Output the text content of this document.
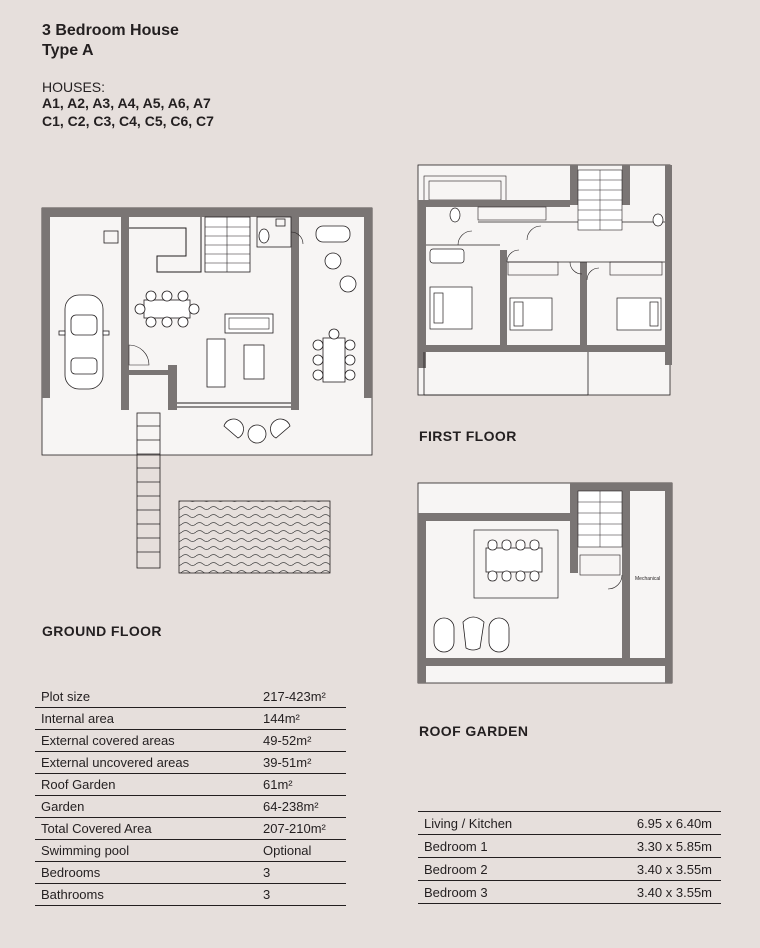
3 Bedroom House
Type A
HOUSES:
A1, A2, A3, A4, A5, A6, A7
C1, C2, C3, C4, C5, C6, C7
Mechanical
GROUND FLOOR
FIRST FLOOR
ROOF GARDEN
Plot size	217-423m²
Internal area	144m²
External covered areas	49-52m²
External uncovered areas	39-51m²
Roof Garden	61m²
Garden	64-238m²
Total Covered Area	207-210m²
Swimming pool	Optional
Bedrooms	3
Bathrooms	3
Living / Kitchen	6.95 x 6.40m
Bedroom 1	3.30 x 5.85m
Bedroom 2	3.40 x 3.55m
Bedroom 3	3.40 x 3.55m
